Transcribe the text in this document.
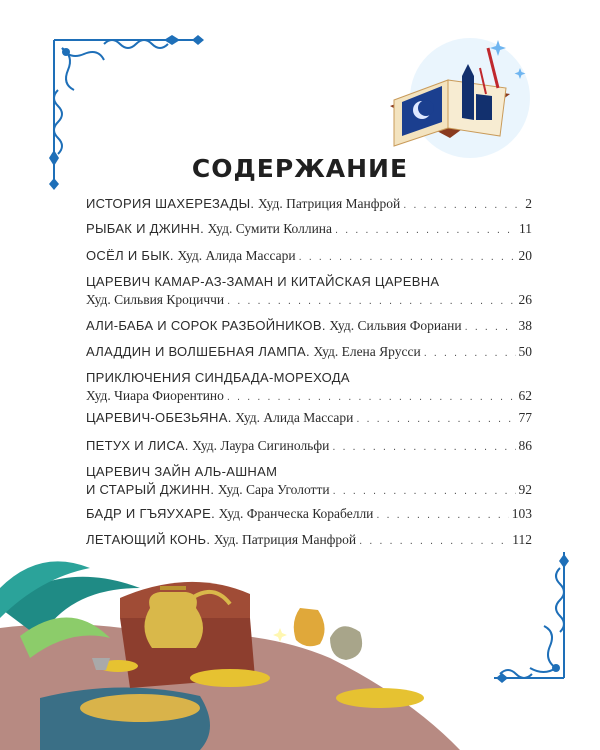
СОДЕРЖАНИЕ
ИСТОРИЯ ШАХЕРЕЗАДЫ.
Худ. Патриция Манфрой . . .	2
РЫБАК И ДЖИНН.
Худ. Сумити Коллина . . .	11
ОСЁЛ И БЫК.
Худ. Алида Массари . . .	20
ЦАРЕВИЧ КАМАР-АЗ-ЗАМАН И КИТАЙСКАЯ ЦАРЕВНА
Худ. Сильвия Кроциччи . . .	26
АЛИ-БАБА И СОРОК РАЗБОЙНИКОВ.
Худ. Сильвия Фориани . . .	38
АЛАДДИН И ВОЛШЕБНАЯ ЛАМПА.
Худ. Елена Ярусси . . .	50
ПРИКЛЮЧЕНИЯ СИНДБАДА-МОРЕХОДА
Худ. Чиара Фиорентино . . .	62
ЦАРЕВИЧ-ОБЕЗЬЯНА.
Худ. Алида Массари . . .	77
ПЕТУХ И ЛИСА.
Худ. Лаура Сигинольфи . . .	86
ЦАРЕВИЧ ЗАЙН АЛЬ-АШНАМ
И СТАРЫЙ ДЖИНН.
Худ. Сара Уголотти . . .	92
БАДР И ГЪЯУХАРЕ.
Худ. Франческа Корабелли . . .	103
ЛЕТАЮЩИЙ КОНЬ.
Худ. Патриция Манфрой . . .	112
